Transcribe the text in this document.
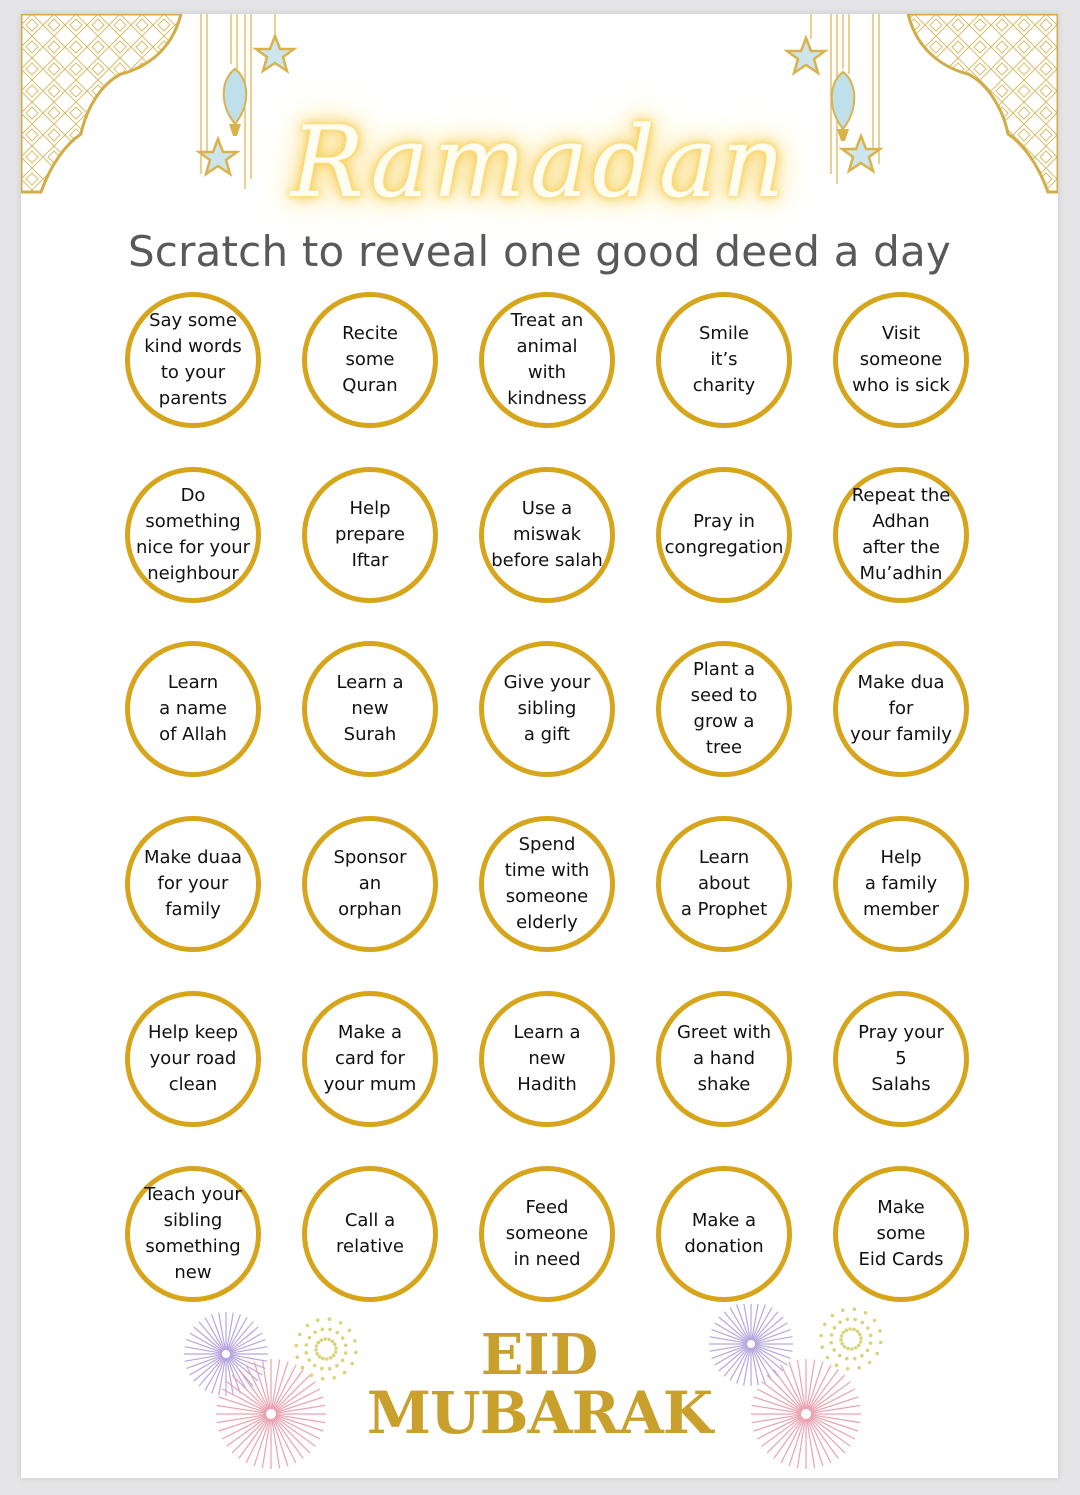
Ramadan
Scratch to reveal one good deed a day
Say some
kind words
to your
parents
Recite
some
Quran
Treat an
animal
with
kindness
Smile
it’s
charity
Visit
someone
who is sick
Do
something
nice for your
neighbour
Help
prepare
Iftar
Use a
miswak
before salah
Pray in
congregation
Repeat the
Adhan
after the
Mu’adhin
Learn
a name
of Allah
Learn a
new
Surah
Give your
sibling
a gift
Plant a
seed to
grow a
tree
Make dua
for
your family
Make duaa
for your
family
Sponsor
an
orphan
Spend
time with
someone
elderly
Learn
about
a Prophet
Help
a family
member
Help keep
your road
clean
Make a
card for
your mum
Learn a
new
Hadith
Greet with
a hand
shake
Pray your
5
Salahs
Teach your
sibling
something
new
Call a
relative
Feed
someone
in need
Make a
donation
Make
some
Eid Cards
EID
MUBARAK
